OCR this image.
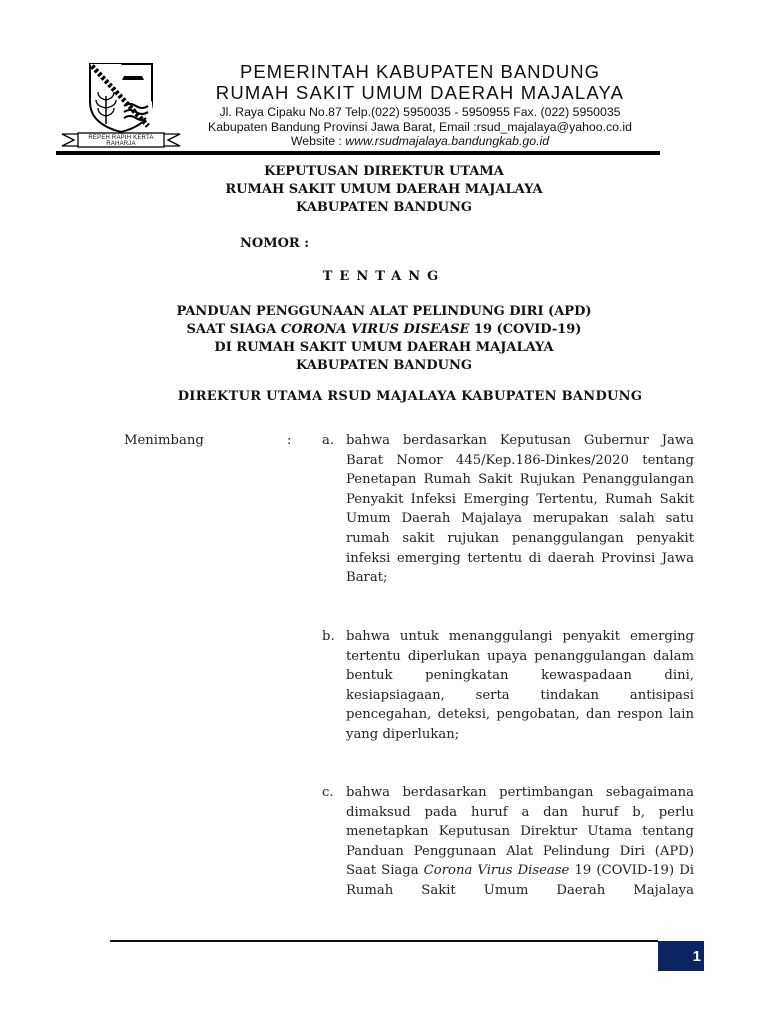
REPEH RAPIH KERTA RAHARJA
PEMERINTAH KABUPATEN BANDUNG
RUMAH SAKIT UMUM DAERAH MAJALAYA
Jl. Raya Cipaku No.87 Telp.(022) 5950035 - 5950955 Fax. (022) 5950035
Kabupaten Bandung Provinsi Jawa Barat, Email :rsud_majalaya@yahoo.co.id
Website : www.rsudmajalaya.bandungkab.go.id
KEPUTUSAN DIREKTUR UTAMA
RUMAH SAKIT UMUM DAERAH MAJALAYA
KABUPATEN BANDUNG
NOMOR :
TENTANG
PANDUAN PENGGUNAAN ALAT PELINDUNG DIRI (APD)
SAAT SIAGA CORONA VIRUS DISEASE 19 (COVID-19)
DI RUMAH SAKIT UMUM DAERAH MAJALAYA
KABUPATEN BANDUNG
DIREKTUR UTAMA RSUD MAJALAYA KABUPATEN BANDUNG
Menimbang	: a. bahwa berdasarkan Keputusan Gubernur Jawa Barat Nomor 445/Kep.186-Dinkes/2020 tentang Penetapan Rumah Sakit Rujukan Penanggulangan Penyakit Infeksi Emerging Tertentu, Rumah Sakit Umum Daerah Majalaya merupakan salah satu rumah sakit rujukan penanggulangan penyakit infeksi emerging tertentu di daerah Provinsi Jawa Barat;
b. bahwa untuk menanggulangi penyakit emerging tertentu diperlukan upaya penanggulangan dalam bentuk peningkatan kewaspadaan dini, kesiapsiagaan, serta tindakan antisipasi pencegahan, deteksi, pengobatan, dan respon lain yang diperlukan;
c. bahwa berdasarkan pertimbangan sebagaimana dimaksud pada huruf a dan huruf b, perlu menetapkan Keputusan Direktur Utama tentang Panduan Penggunaan Alat Pelindung Diri (APD) Saat Siaga Corona Virus Disease 19 (COVID-19) Di Rumah Sakit Umum Daerah Majalaya
1
